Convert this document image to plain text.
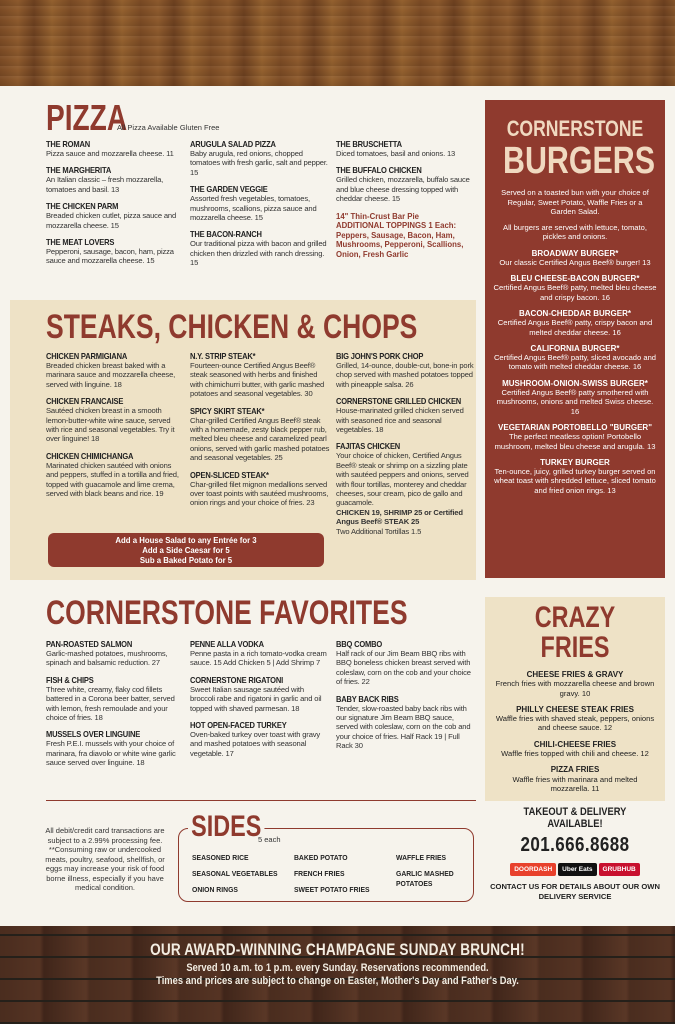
PIZZA
All Pizza Available Gluten Free
THE ROMAN
Pizza sauce and mozzarella cheese. 11
THE MARGHERITA
An Italian classic – fresh mozzarella, tomatoes and basil. 13
THE CHICKEN PARM
Breaded chicken cutlet, pizza sauce and mozzarella cheese. 15
THE MEAT LOVERS
Pepperoni, sausage, bacon, ham, pizza sauce and mozzarella cheese. 15
ARUGULA SALAD PIZZA
Baby arugula, red onions, chopped tomatoes with fresh garlic, salt and pepper. 15
THE GARDEN VEGGIE
Assorted fresh vegetables, tomatoes, mushrooms, scallions, pizza sauce and mozzarella cheese. 15
THE BACON-RANCH
Our traditional pizza with bacon and grilled chicken then drizzled with ranch dressing. 15
THE BRUSCHETTA
Diced tomatoes, basil and onions. 13
THE BUFFALO CHICKEN
Grilled chicken, mozzarella, buffalo sauce and blue cheese dressing topped with cheddar cheese. 15
14" Thin-Crust Bar Pie
ADDITIONAL TOPPINGS 1 Each:
Peppers, Sausage, Bacon, Ham, Mushrooms, Pepperoni, Scallions, Onion, Fresh Garlic
STEAKS, CHICKEN & CHOPS
CHICKEN PARMIGIANA
Breaded chicken breast baked with a marinara sauce and mozzarella cheese, served with linguine. 18
CHICKEN FRANCAISE
Sautéed chicken breast in a smooth lemon-butter-white wine sauce, served with rice and seasonal vegetables. Try it over linguine! 18
CHICKEN CHIMICHANGA
Marinated chicken sautéed with onions and peppers, stuffed in a tortilla and fried, topped with guacamole and lime crema, served with black beans and rice. 19
N.Y. STRIP STEAK*
Fourteen-ounce Certified Angus Beef® steak seasoned with herbs and finished with chimichurri butter, with garlic mashed potatoes and seasonal vegetables. 30
SPICY SKIRT STEAK*
Char-grilled Certified Angus Beef® steak with a homemade, zesty black pepper rub, melted bleu cheese and caramelized pearl onions, served with garlic mashed potatoes and seasonal vegetables. 25
OPEN-SLICED STEAK*
Char-grilled filet mignon medallions served over toast points with sautéed mushrooms, onion rings and your choice of fries. 23
BIG JOHN'S PORK CHOP
Grilled, 14-ounce, double-cut, bone-in pork chop served with mashed potatoes topped with pineapple salsa. 26
CORNERSTONE GRILLED CHICKEN
House-marinated grilled chicken served with seasoned rice and seasonal vegetables. 18
FAJITAS CHICKEN
Your choice of chicken, Certified Angus Beef® steak or shrimp on a sizzling plate with sautéed peppers and onions, served with flour tortillas, monterey and cheddar cheeses, sour cream, pico de gallo and guacamole.
CHICKEN 19, SHRIMP 25 or Certified Angus Beef® STEAK 25
Two Additional Tortillas 1.5
Add a House Salad to any Entrée for 3
Add a Side Caesar for 5
Sub a Baked Potato for 5
CORNERSTONE
BURGERS
Served on a toasted bun with your choice of Regular, Sweet Potato, Waffle Fries or a Garden Salad.
All burgers are served with lettuce, tomato, pickles and onions.
BROADWAY BURGER*
Our classic Certified Angus Beef® burger! 13
BLEU CHEESE-BACON BURGER*
Certified Angus Beef® patty, melted bleu cheese and crispy bacon. 16
BACON-CHEDDAR BURGER*
Certified Angus Beef® patty, crispy bacon and melted cheddar cheese. 16
CALIFORNIA BURGER*
Certified Angus Beef® patty, sliced avocado and tomato with melted cheddar cheese. 16
MUSHROOM-ONION-SWISS BURGER*
Certified Angus Beef® patty smothered with mushrooms, onions and melted Swiss cheese. 16
VEGETARIAN PORTOBELLO "BURGER"
The perfect meatless option! Portobello mushroom, melted bleu cheese and arugula. 13
TURKEY BURGER
Ten-ounce, juicy, grilled turkey burger served on wheat toast with shredded lettuce, sliced tomato and fried onion rings. 13
CORNERSTONE FAVORITES
PAN-ROASTED SALMON
Garlic-mashed potatoes, mushrooms, spinach and balsamic reduction. 27
FISH & CHIPS
Three white, creamy, flaky cod fillets battered in a Corona beer batter, served with lemon, fresh remoulade and your choice of fries. 18
MUSSELS OVER LINGUINE
Fresh P.E.I. mussels with your choice of marinara, fra diavolo or white wine garlic sauce served over linguine. 18
PENNE ALLA VODKA
Penne pasta in a rich tomato-vodka cream sauce. 15 Add Chicken 5 | Add Shrimp 7
CORNERSTONE RIGATONI
Sweet Italian sausage sautéed with broccoli rabe and rigatoni in garlic and oil topped with shaved parmesan. 18
HOT OPEN-FACED TURKEY
Oven-baked turkey over toast with gravy and mashed potatoes with seasonal vegetable. 17
BBQ COMBO
Half rack of our Jim Beam BBQ ribs with BBQ boneless chicken breast served with coleslaw, corn on the cob and your choice of fries. 22
BABY BACK RIBS
Tender, slow-roasted baby back ribs with our signature Jim Beam BBQ sauce, served with coleslaw, corn on the cob and your choice of fries. Half Rack 19 | Full Rack 30
CRAZY FRIES
CHEESE FRIES & GRAVY
French fries with mozzarella cheese and brown gravy. 10
PHILLY CHEESE STEAK FRIES
Waffle fries with shaved steak, peppers, onions and cheese sauce. 12
CHILI-CHEESE FRIES
Waffle fries topped with chili and cheese. 12
PIZZA FRIES
Waffle fries with marinara and melted mozzarella. 11
All debit/credit card transactions are subject to a 2.99% processing fee. **Consuming raw or undercooked meats, poultry, seafood, shellfish, or eggs may increase your risk of food borne illness, especially if you have medical condition.
SIDES
5 each
SEASONED RICE
SEASONAL VEGETABLES
ONION RINGS
BAKED POTATO
FRENCH FRIES
SWEET POTATO FRIES
WAFFLE FRIES
GARLIC MASHED POTATOES
TAKEOUT & DELIVERY AVAILABLE!
201.666.8688
DOORDASH	Uber Eats	GRUBHUB
CONTACT US FOR DETAILS ABOUT OUR OWN DELIVERY SERVICE
OUR AWARD-WINNING CHAMPAGNE SUNDAY BRUNCH!
Served 10 a.m. to 1 p.m. every Sunday. Reservations recommended.
Times and prices are subject to change on Easter, Mother's Day and Father's Day.
